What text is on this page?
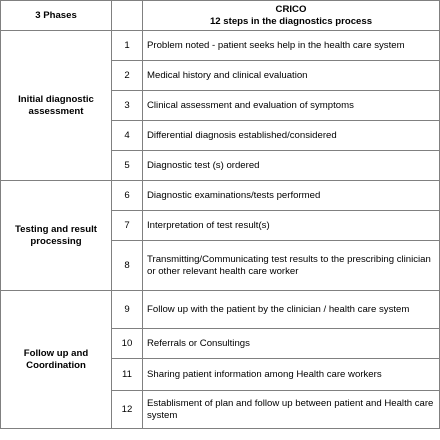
3 Phases		CRICO
12 steps in the diagnostics process

Initial diagnostic assessment	1	Problem noted - patient seeks help in the health care system
	2	Medical history and clinical evaluation
	3	Clinical assessment and evaluation of symptoms
	4	Differential diagnosis established/considered
	5	Diagnostic test (s) ordered
Testing and result processing	6	Diagnostic examinations/tests performed
	7	Interpretation of test result(s)
	8	Transmitting/Communicating test results to the prescribing clinician or other relevant health care worker
Follow up and Coordination	9	Follow up with the patient by the clinician / health care system
	10	Referrals or Consultings
	11	Sharing patient information among Health care workers
	12	Establisment of plan and follow up between patient and Health care system
